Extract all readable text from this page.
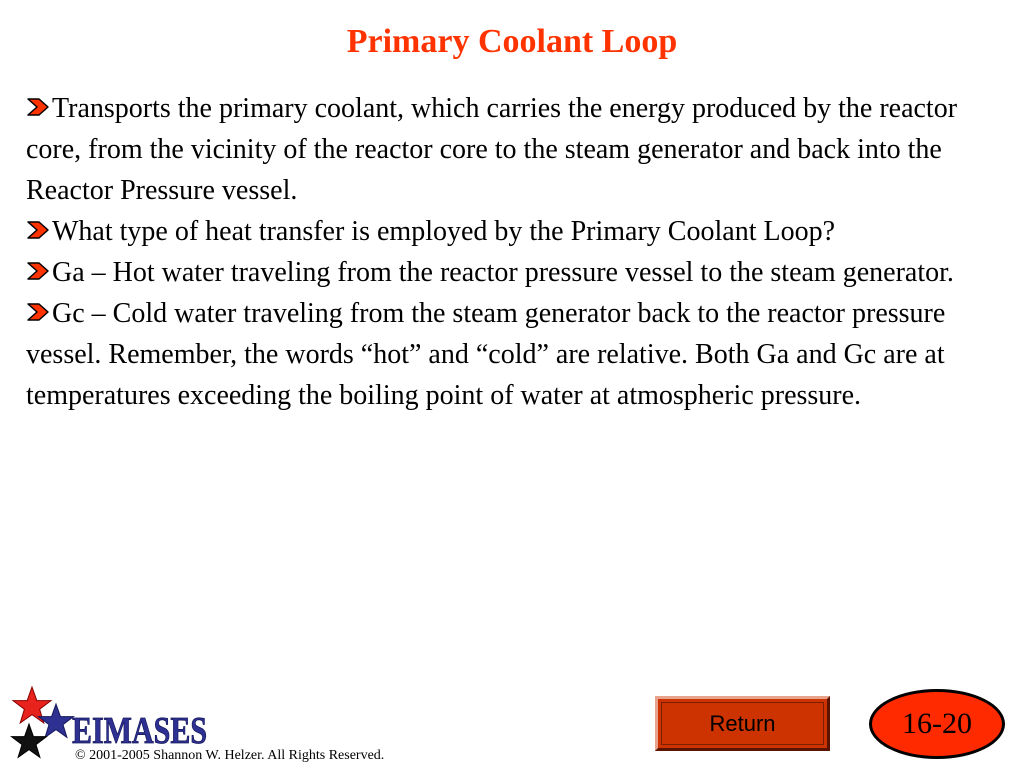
Primary Coolant Loop

Transports the primary coolant, which carries the energy produced by the reactor core, from the vicinity of the reactor core to the steam generator and back into the Reactor Pressure vessel.

What type of heat transfer is employed by the Primary Coolant Loop?

Ga – Hot water traveling from the reactor pressure vessel to the steam generator.

Gc – Cold water traveling from the steam generator back to the reactor pressure vessel. Remember, the words “hot” and “cold” are relative. Both Ga and Gc are at temperatures exceeding the boiling point of water at atmospheric pressure.

EIMASES
© 2001-2005 Shannon W. Helzer. All Rights Reserved.
Return	16-20
